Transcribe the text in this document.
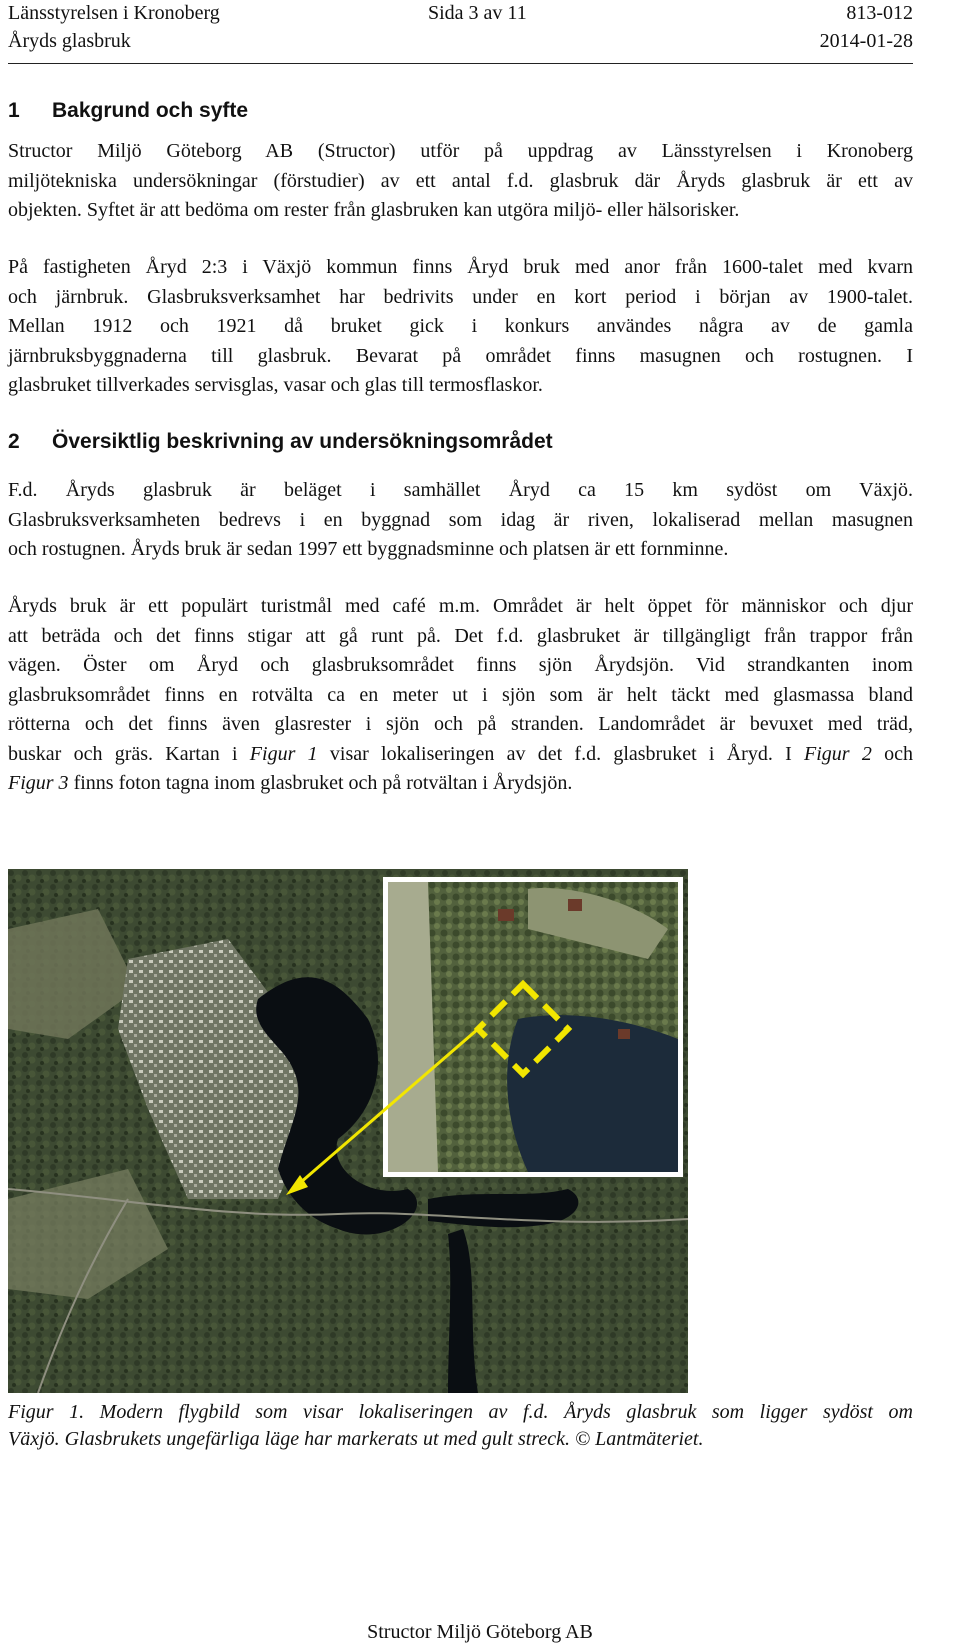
Länsstyrelsen i Kronoberg	Sida 3 av 11	813-012
Åryds glasbruk	2014-01-28
1 Bakgrund och syfte
Structor Miljö Göteborg AB (Structor) utför på uppdrag av Länsstyrelsen i Kronoberg
miljötekniska undersökningar (förstudier) av ett antal f.d. glasbruk där Åryds glasbruk är ett av
objekten. Syftet är att bedöma om rester från glasbruken kan utgöra miljö- eller hälsorisker.
På fastigheten Åryd 2:3 i Växjö kommun finns Åryd bruk med anor från 1600-talet med kvarn
och järnbruk. Glasbruksverksamhet har bedrivits under en kort period i början av 1900-talet.
Mellan 1912 och 1921 då bruket gick i konkurs användes några av de gamla
järnbruksbyggnaderna till glasbruk. Bevarat på området finns masugnen och rostugnen. I
glasbruket tillverkades servisglas, vasar och glas till termosflaskor.
2 Översiktlig beskrivning av undersökningsområdet
F.d. Åryds glasbruk är beläget i samhället Åryd ca 15 km sydöst om Växjö.
Glasbruksverksamheten bedrevs i en byggnad som idag är riven, lokaliserad mellan masugnen
och rostugnen. Åryds bruk är sedan 1997 ett byggnadsminne och platsen är ett fornminne.
Åryds bruk är ett populärt turistmål med café m.m. Området är helt öppet för människor och djur
att beträda och det finns stigar att gå runt på. Det f.d. glasbruket är tillgängligt från trappor från
vägen. Öster om Åryd och glasbruksområdet finns sjön Årydsjön. Vid strandkanten inom
glasbruksområdet finns en rotvälta ca en meter ut i sjön som är helt täckt med glasmassa bland
rötterna och det finns även glasrester i sjön och på stranden. Landområdet är bevuxet med träd,
buskar och gräs. Kartan i Figur 1 visar lokaliseringen av det f.d. glasbruket i Åryd. I Figur 2 och
Figur 3 finns foton tagna inom glasbruket och på rotvältan i Årydsjön.

Figur 1. Modern flygbild som visar lokaliseringen av f.d. Åryds glasbruk som ligger sydöst om
Växjö. Glasbrukets ungefärliga läge har markerats ut med gult streck. © Lantmäteriet.

Structor Miljö Göteborg AB
